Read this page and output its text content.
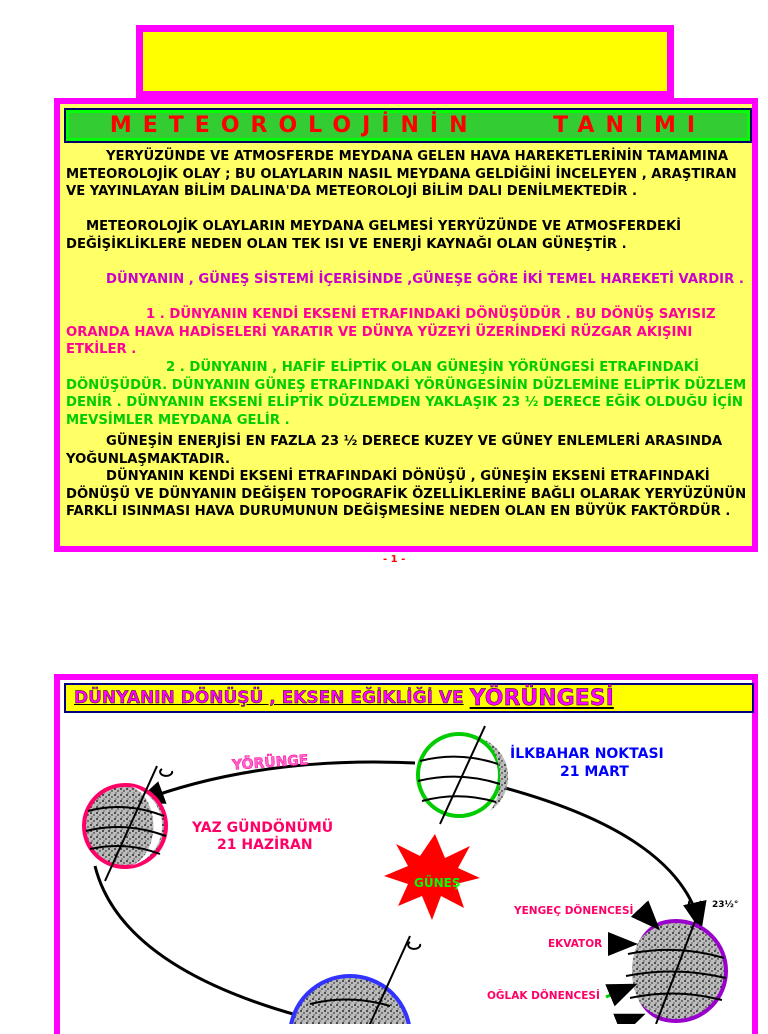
METEOROLOJİNİN    TANIMI

YERYÜZÜNDE VE ATMOSFERDE MEYDANA GELEN HAVA HAREKETLERİNİN TAMAMINA METEOROLOJİK OLAY ; BU OLAYLARIN NASIL MEYDANA GELDİĞİNİ İNCELEYEN , ARAŞTIRAN VE YAYINLAYAN BİLİM DALINA'DA METEOROLOJİ BİLİM DALI DENİLMEKTEDİR .

METEOROLOJİK OLAYLARIN MEYDANA GELMESİ YERYÜZÜNDE VE ATMOSFERDEKİ DEĞİŞİKLİKLERE NEDEN OLAN TEK ISI VE ENERJİ KAYNAĞI OLAN GÜNEŞTİR .

DÜNYANIN , GÜNEŞ SİSTEMİ İÇERİSİNDE ,GÜNEŞE GÖRE İKİ TEMEL HAREKETİ VARDIR .

1 . DÜNYANIN KENDİ EKSENİ ETRAFINDAKİ DÖNÜŞÜDÜR . BU DÖNÜŞ SAYISIZ ORANDA HAVA HADİSELERİ YARATIR VE DÜNYA YÜZEYİ ÜZERİNDEKİ RÜZGAR AKIŞINI ETKİLER .

2 . DÜNYANIN , HAFİF ELİPTİK OLAN GÜNEŞİN YÖRÜNGESİ ETRAFINDAKİ DÖNÜŞÜDÜR. DÜNYANIN GÜNEŞ ETRAFINDAKİ YÖRÜNGESİNİN DÜZLEMİNE ELİPTİK DÜZLEM DENİR . DÜNYANIN EKSENİ ELİPTİK DÜZLEMDEN YAKLAŞIK 23 ½ DERECE EĞİK OLDUĞU İÇİN MEVSİMLER MEYDANA GELİR .

GÜNEŞİN ENERJİSİ EN FAZLA 23 ½ DERECE KUZEY VE GÜNEY ENLEMLERİ ARASINDA YOĞUNLAŞMAKTADIR.

DÜNYANIN KENDİ EKSENİ ETRAFINDAKİ DÖNÜŞÜ , GÜNEŞİN EKSENİ ETRAFINDAKİ DÖNÜŞÜ VE DÜNYANIN DEĞİŞEN TOPOGRAFİK ÖZELLİKLERİNE BAĞLI OLARAK YERYÜZÜNÜN FARKLI ISINMASI HAVA DURUMUNUN DEĞİŞMESİNE NEDEN OLAN EN BÜYÜK FAKTÖRDÜR .

- 1 -
DÜNYANIN DÖNÜŞÜ , EKSEN EĞİKLİĞİ VE YÖRÜNGESİ
YÖRÜNGE	İLKBAHAR NOKTASI
21 MART
YAZ GÜNDÖNÜMÜ
21 HAZİRAN
GÜNEŞ
YENGEÇ DÖNENCESİ
EKVATOR
OĞLAK DÖNENCESİ
23½°
